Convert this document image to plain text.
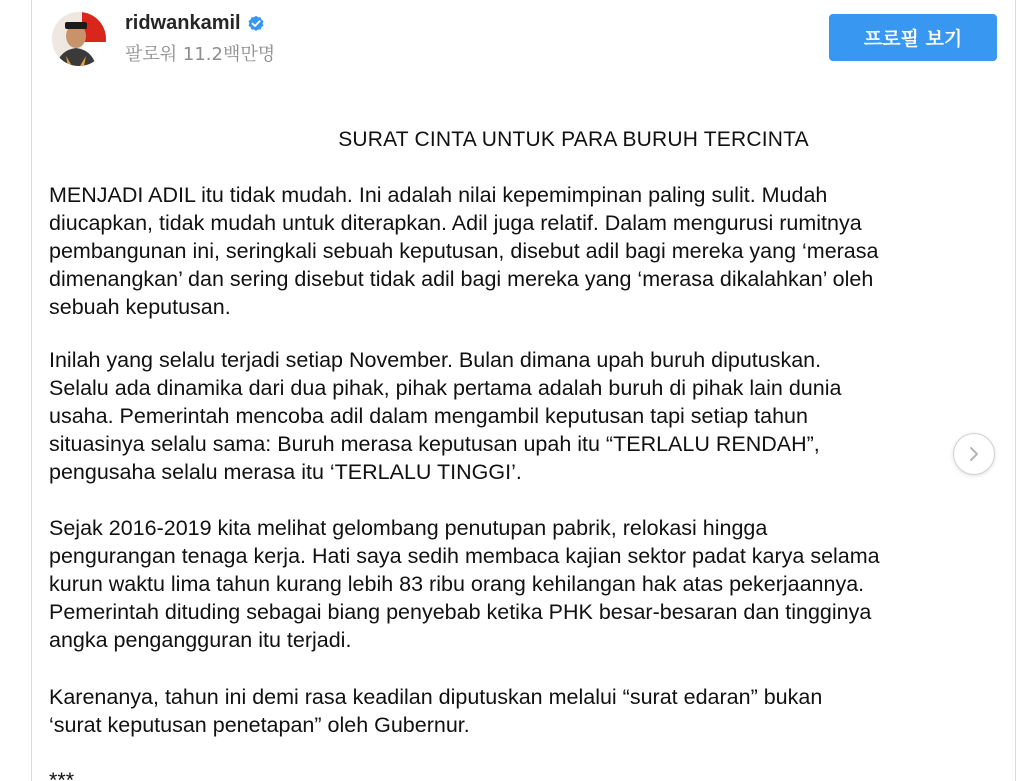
ridwankamil
팔로워 11.2백만명
프로필 보기
SURAT CINTA UNTUK PARA BURUH TERCINTA

MENJADI ADIL itu tidak mudah. Ini adalah nilai kepemimpinan paling sulit. Mudah
diucapkan, tidak mudah untuk diterapkan. Adil juga relatif. Dalam mengurusi rumitnya
pembangunan ini, seringkali sebuah keputusan, disebut adil bagi mereka yang ‘merasa
dimenangkan’ dan sering disebut tidak adil bagi mereka yang ‘merasa dikalahkan’ oleh
sebuah keputusan.

Inilah yang selalu terjadi setiap November. Bulan dimana upah buruh diputuskan.
Selalu ada dinamika dari dua pihak, pihak pertama adalah buruh di pihak lain dunia
usaha. Pemerintah mencoba adil dalam mengambil keputusan tapi setiap tahun
situasinya selalu sama: Buruh merasa keputusan upah itu “TERLALU RENDAH”,
pengusaha selalu merasa itu ‘TERLALU TINGGI’.

Sejak 2016-2019 kita melihat gelombang penutupan pabrik, relokasi hingga
pengurangan tenaga kerja. Hati saya sedih membaca kajian sektor padat karya selama
kurun waktu lima tahun kurang lebih 83 ribu orang kehilangan hak atas pekerjaannya.
Pemerintah dituding sebagai biang penyebab ketika PHK besar-besaran dan tingginya
angka pengangguran itu terjadi.

Karenanya, tahun ini demi rasa keadilan diputuskan melalui “surat edaran” bukan
‘surat keputusan penetapan” oleh Gubernur.

***
